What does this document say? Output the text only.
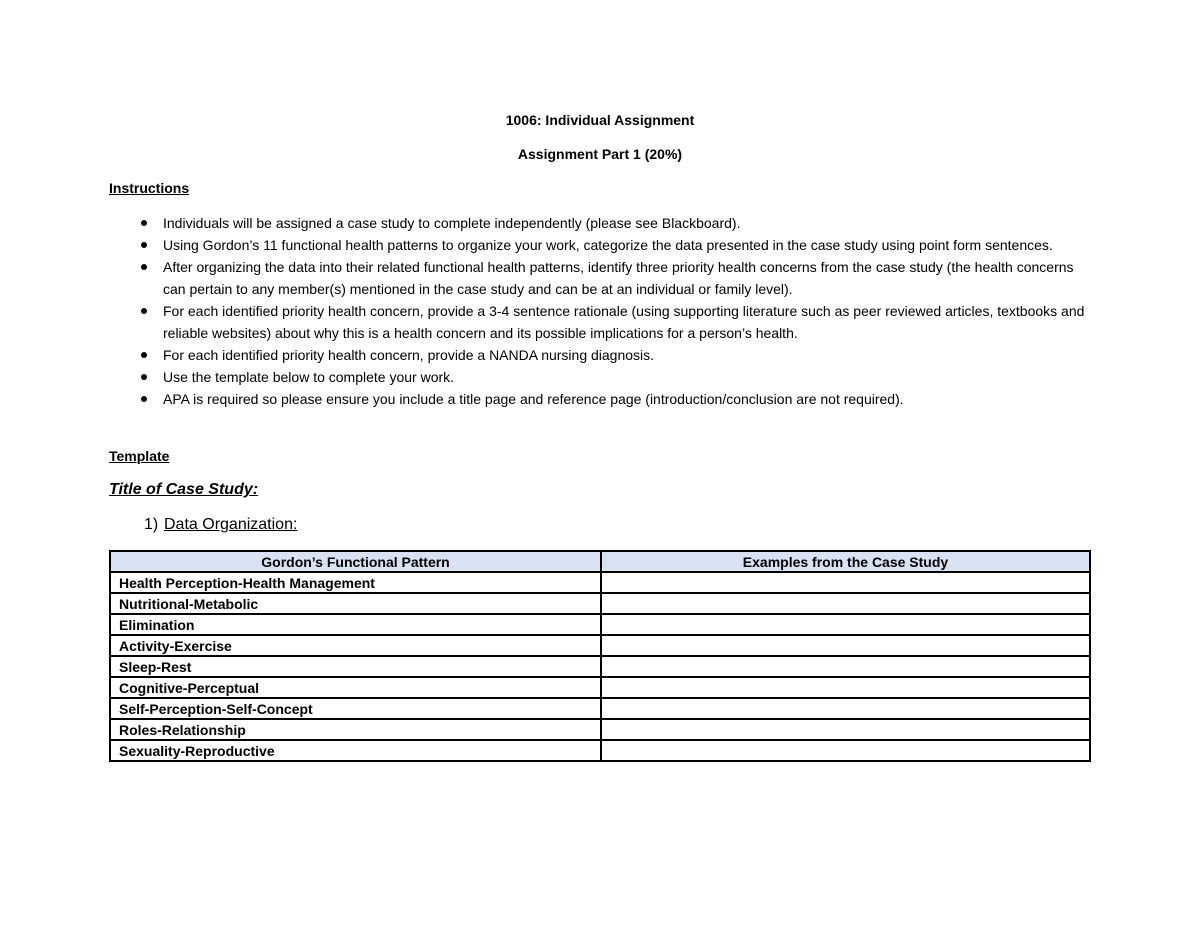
1006: Individual Assignment
Assignment Part 1 (20%)
Instructions
Individuals will be assigned a case study to complete independently (please see Blackboard).
Using Gordon’s 11 functional health patterns to organize your work, categorize the data presented in the case study using point form sentences.
After organizing the data into their related functional health patterns, identify three priority health concerns from the case study (the health concerns can pertain to any member(s) mentioned in the case study and can be at an individual or family level).
For each identified priority health concern, provide a 3-4 sentence rationale (using supporting literature such as peer reviewed articles, textbooks and reliable websites) about why this is a health concern and its possible implications for a person’s health.
For each identified priority health concern, provide a NANDA nursing diagnosis.
Use the template below to complete your work.
APA is required so please ensure you include a title page and reference page (introduction/conclusion are not required).
Template
Title of Case Study:
1) Data Organization:
Gordon’s Functional Pattern	Examples from the Case Study
Health Perception-Health Management	
Nutritional-Metabolic	
Elimination	
Activity-Exercise	
Sleep-Rest	
Cognitive-Perceptual	
Self-Perception-Self-Concept	
Roles-Relationship	
Sexuality-Reproductive	
